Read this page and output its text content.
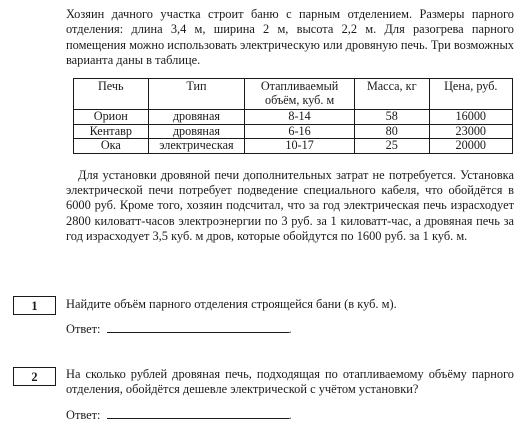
Хозяин дачного участка строит баню с парным отделением. Размеры парного отделения: длина 3,4 м, ширина 2 м, высота 2,2 м. Для разогрева парного помещения можно использовать электрическую или дровяную печь. Три возможных варианта даны в таблице.
Печь	Тип	Отапливаемый объём, куб. м	Масса, кг	Цена, руб.
Орион	дровяная	8-14	58	16000
Кентавр	дровяная	6-16	80	23000
Ока	электрическая	10-17	25	20000
Для установки дровяной печи дополнительных затрат не потребуется. Установка электрической печи потребует подведение специального кабеля, что обойдётся в 6000 руб. Кроме того, хозяин подсчитал, что за год электрическая печь израсходует 2800 киловатт-часов электроэнергии по 3 руб. за 1 киловатт-час, а дровяная печь за год израсходует 3,5 куб. м дров, которые обойдутся по 1600 руб. за 1 куб. м.
1	Найдите объём парного отделения строящейся бани (в куб. м).
Ответ:	.
2	На сколько рублей дровяная печь, подходящая по отапливаемому объёму парного отделения, обойдётся дешевле электрической с учётом установки?
Ответ:	.
